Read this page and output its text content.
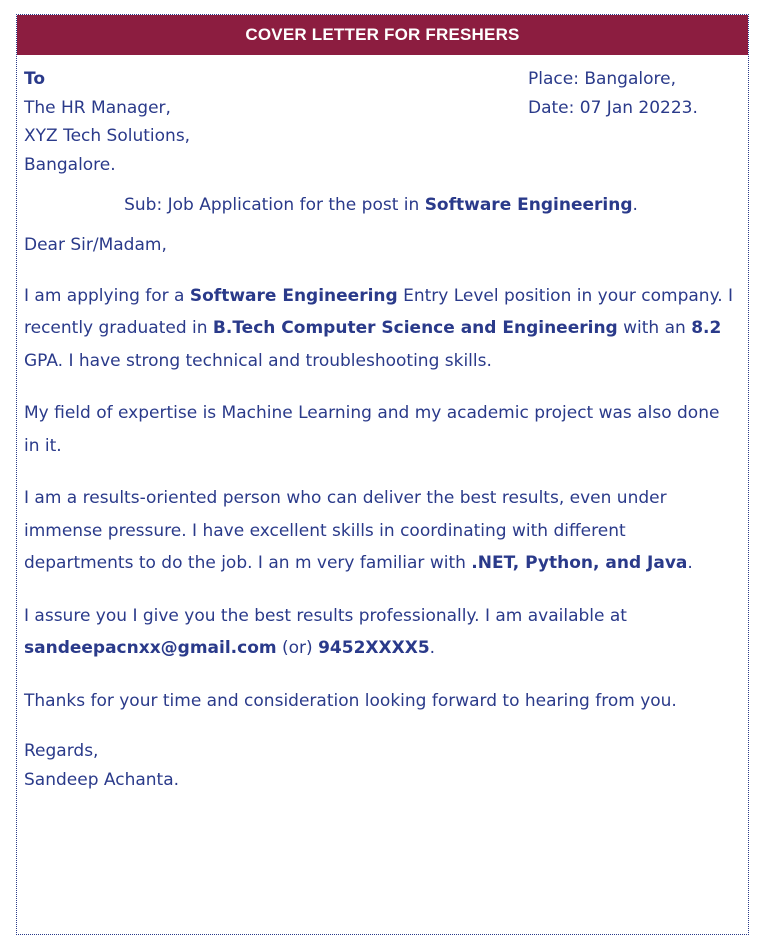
COVER LETTER FOR FRESHERS
To
The HR Manager,
XYZ Tech Solutions,
Bangalore.
Place: Bangalore,
Date: 07 Jan 20223.
Sub: Job Application for the post in Software Engineering.

Dear Sir/Madam,

I am applying for a Software Engineering Entry Level position in your company. I recently graduated in B.Tech Computer Science and Engineering with an 8.2 GPA. I have strong technical and troubleshooting skills.

My field of expertise is Machine Learning and my academic project was also done in it.

I am a results-oriented person who can deliver the best results, even under immense pressure. I have excellent skills in coordinating with different departments to do the job. I an m very familiar with .NET, Python, and Java.

I assure you I give you the best results professionally. I am available at sandeepacnxx@gmail.com (or) 9452XXXX5.

Thanks for your time and consideration looking forward to hearing from you.

Regards,
Sandeep Achanta.
